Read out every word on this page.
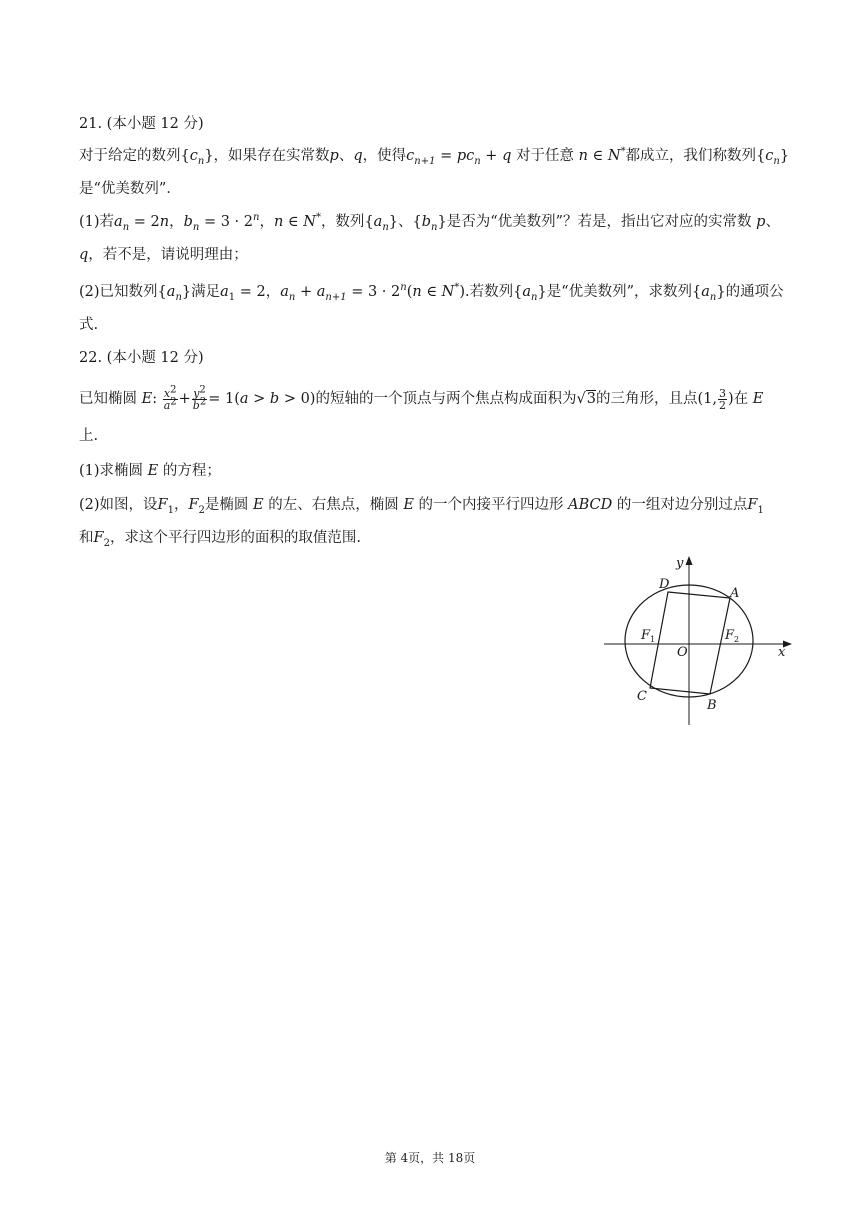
21. (本小题 12 分)
对于给定的数列$\{c_n\}$，如果存在实常数p、q，使得$c_{n+1} = pc_n + q$ 对于任意 n ∈ N*都成立，我们称数列$\{c_n\}$
是“优美数列”．
(1)若$a_n = 2n$，$b_n = 3 \cdot 2^n$，n ∈ N*，数列$\{a_n\}$、$\{b_n\}$是否为“优美数列”？若是，指出它对应的实常数 p、
q，若不是，请说明理由；
(2)已知数列$\{a_n\}$满足$a_1 = 2$，$a_n + a_{n+1} = 3 \cdot 2^n(n$ ∈ N*).若数列$\{a_n\}$是“优美数列”，求数列$\{a_n\}$的通项公
式.
22. (本小题 12 分)
已知椭圆 E: $\frac{x^2}{a^2} + \frac{y^2}{b^2} = 1(a > b > 0)$的短轴的一个顶点与两个焦点构成面积为√3的三角形，且点(1, $\frac{3}{2}$ )在 E
上.
(1)求椭圆 E 的方程；
(2)如图，设$F_1$，$F_2$是椭圆 E 的左、右焦点，椭圆 E 的一个内接平行四边形 ABCD 的一组对边分别过点$F_1$
和$F_2$，求这个平行四边形的面积的取值范围.
y
x
O
D
A
C
B
$F_1$	$F_2$
第 4页，共 18页
